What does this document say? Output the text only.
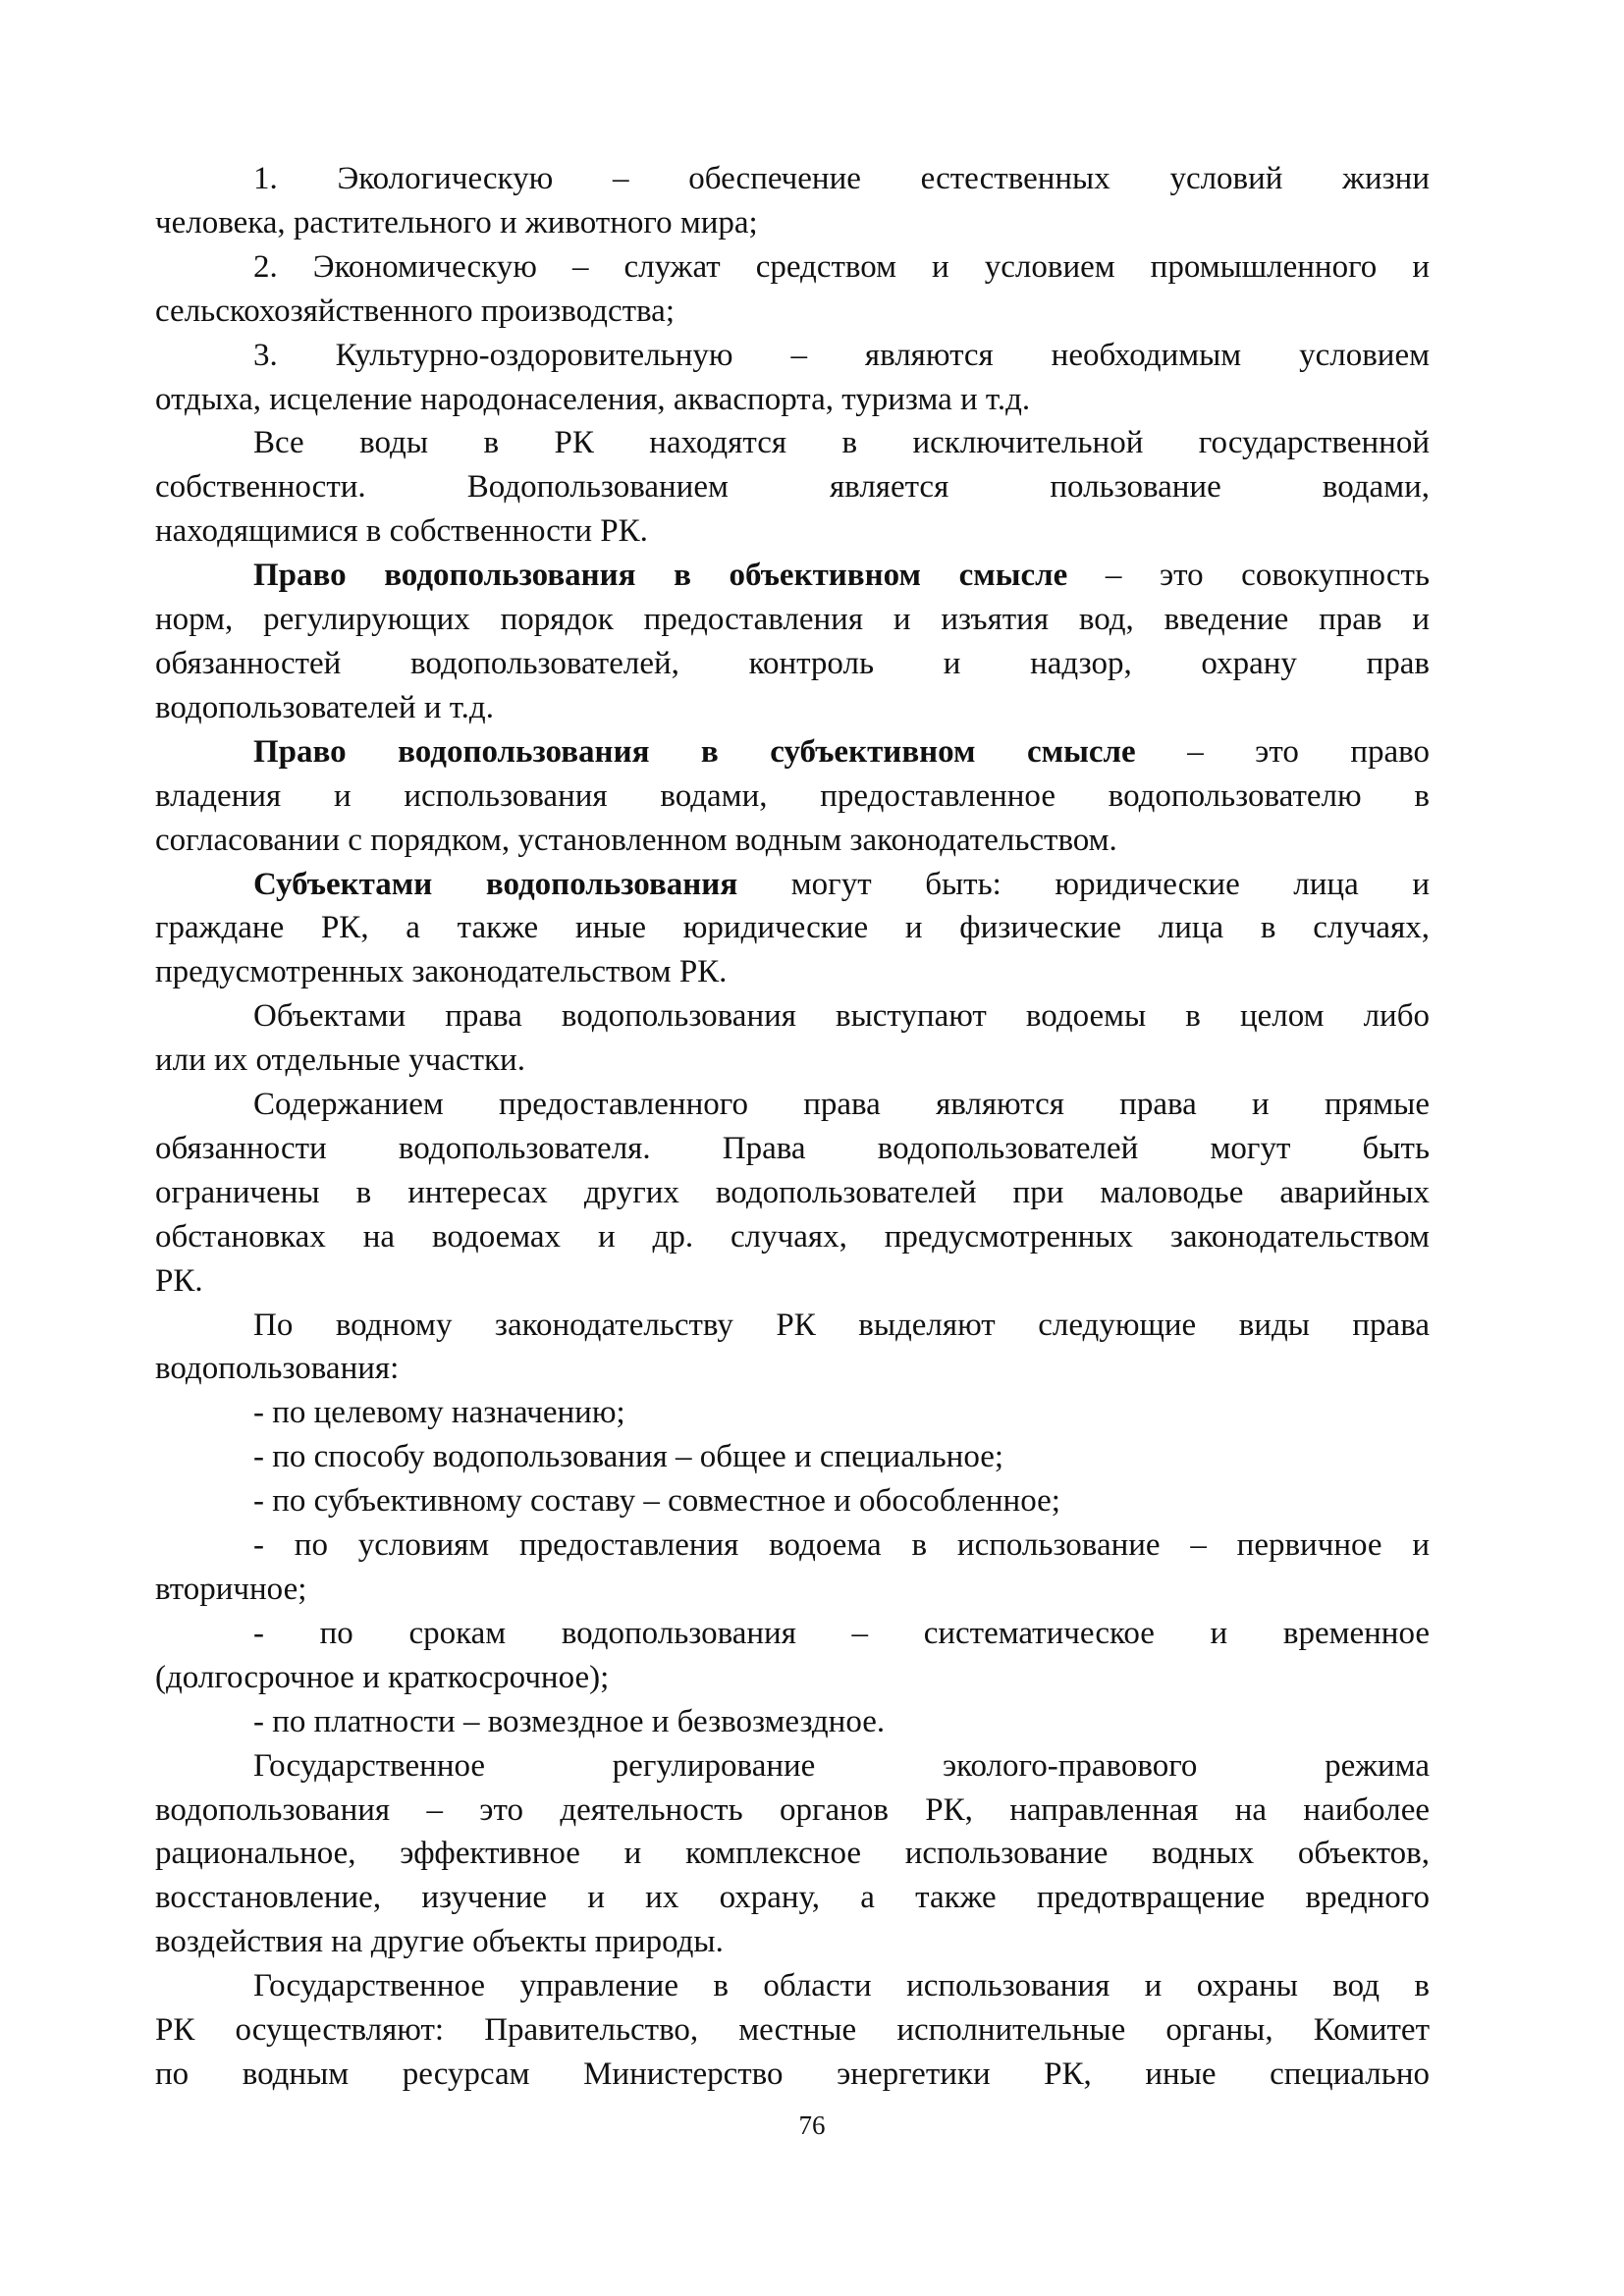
1. Экологическую – обеспечение естественных условий жизни
человека, растительного и животного мира;
2. Экономическую – служат средством и условием промышленного и
сельскохозяйственного производства;
3. Культурно-оздоровительную – являются необходимым условием
отдыха, исцеление народонаселения, акваспорта, туризма и т.д.
Все воды в РК находятся в исключительной государственной
собственности. Водопользованием является пользование водами,
находящимися в собственности РК.
Право водопользования в объективном смысле – это совокупность
норм, регулирующих порядок предоставления и изъятия вод, введение прав и
обязанностей водопользователей, контроль и надзор, охрану прав
водопользователей и т.д.
Право водопользования в субъективном смысле – это право
владения и использования водами, предоставленное водопользователю в
согласовании с порядком, установленном водным законодательством.
Субъектами водопользования могут быть: юридические лица и
граждане РК, а также иные юридические и физические лица в случаях,
предусмотренных законодательством РК.
Объектами права водопользования выступают водоемы в целом либо
или их отдельные участки.
Содержанием предоставленного права являются права и прямые
обязанности водопользователя. Права водопользователей могут быть
ограничены в интересах других водопользователей при маловодье аварийных
обстановках на водоемах и др. случаях, предусмотренных законодательством
РК.
По водному законодательству РК выделяют следующие виды права
водопользования:
- по целевому назначению;
- по способу водопользования – общее и специальное;
- по субъективному составу – совместное и обособленное;
- по условиям предоставления водоема в использование – первичное и
вторичное;
- по срокам водопользования – систематическое и временное
(долгосрочное и краткосрочное);
- по платности – возмездное и безвозмездное.
Государственное регулирование эколого-правового режима
водопользования – это деятельность органов РК, направленная на наиболее
рациональное, эффективное и комплексное использование водных объектов,
восстановление, изучение и их охрану, а также предотвращение вредного
воздействия на другие объекты природы.
Государственное управление в области использования и охраны вод в
РК осуществляют: Правительство, местные исполнительные органы, Комитет
по водным ресурсам Министерство энергетики РК, иные специально
76
